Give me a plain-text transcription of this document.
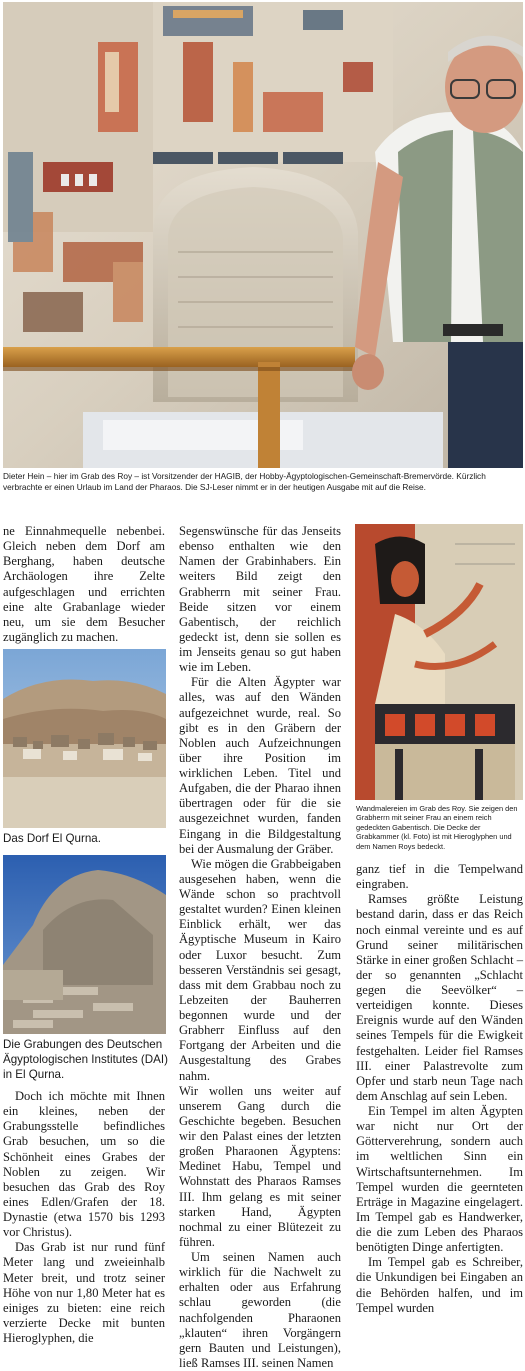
Dieter Hein – hier im Grab des Roy – ist Vorsitzender der HAGIB, der Hobby-Ägyptologischen-Gemeinschaft-Bremervörde. Kürzlich verbrachte er einen Urlaub im Land der Pharaos. Die SJ-Leser nimmt er in der heutigen Ausgabe mit auf die Reise.

ne Einnahmequelle nebenbei. Gleich neben dem Dorf am Berghang, haben deutsche Archäologen ihre Zelte aufgeschlagen und errichten eine alte Grabanlage wieder neu, um sie dem Besucher zugänglich zu machen.

Das Dorf El Qurna.
Die Grabungen des Deutschen Ägyptologischen Institutes (DAI) in El Qurna.

Doch ich möchte mit Ihnen ein kleines, neben der Grabungsstelle befindliches Grab besuchen, um so die Schönheit eines Grabes der Noblen zu zeigen. Wir besuchen das Grab des Roy eines Edlen/Grafen der 18. Dynastie (etwa 1570 bis 1293 vor Christus).

Das Grab ist nur rund fünf Meter lang und zweieinhalb Meter breit, und trotz seiner Höhe von nur 1,80 Meter hat es einiges zu bieten: eine reich verzierte Decke mit bunten Hieroglyphen, die

Segenswünsche für das Jenseits ebenso enthalten wie den Namen der Grabinhabers. Ein weiters Bild zeigt den Grabherrn mit seiner Frau. Beide sitzen vor einem Gabentisch, der reichlich gedeckt ist, denn sie sollen es im Jenseits genau so gut haben wie im Leben.

Für die Alten Ägypter war alles, was auf den Wänden aufgezeichnet wurde, real. So gibt es in den Gräbern der Noblen auch Aufzeichnungen über ihre Position im wirklichen Leben. Titel und Aufgaben, die der Pharao ihnen übertragen oder für die sie ausgezeichnet wurden, fanden Eingang in die Bildgestaltung bei der Ausmalung der Gräber.

Wie mögen die Grabbeigaben ausgesehen haben, wenn die Wände schon so prachtvoll gestaltet wurden? Einen kleinen Einblick erhält, wer das Ägyptische Museum in Kairo oder Luxor besucht. Zum besseren Verständnis sei gesagt, dass mit dem Grabbau noch zu Lebzeiten der Bauherren begonnen wurde und der Grabherr Einfluss auf den Fortgang der Arbeiten und die Ausgestaltung des Grabes nahm.

Wir wollen uns weiter auf unserem Gang durch die Geschichte begeben. Besuchen wir den Palast eines der letzten großen Pharaonen Ägyptens: Medinet Habu, Tempel und Wohnstatt des Pharaos Ramses III. Ihm gelang es mit seiner starken Hand, Ägypten nochmal zu einer Blütezeit zu führen.

Um seinen Namen auch wirklich für die Nachwelt zu erhalten oder aus Erfahrung schlau geworden (die nachfolgenden Pharaonen „klauten“ ihren Vorgängern gern Bauten und Leistungen), ließ Ramses III. seinen Namen

Wandmalereien im Grab des Roy. Sie zeigen den Grabherrn mit seiner Frau an einem reich gedeckten Gabentisch. Die Decke der Grabkammer (kl. Foto) ist mit Hieroglyphen und dem Namen Roys bedeckt.

ganz tief in die Tempelwand eingraben.

Ramses größte Leistung bestand darin, dass er das Reich noch einmal vereinte und es auf Grund seiner militärischen Stärke in einer großen Schlacht – der so genannten „Schlacht gegen die Seevölker“ – verteidigen konnte. Dieses Ereignis wurde auf den Wänden seines Tempels für die Ewigkeit festgehalten. Leider fiel Ramses III. einer Palastrevolte zum Opfer und starb neun Tage nach dem Anschlag auf sein Leben.

Ein Tempel im alten Ägypten war nicht nur Ort der Götterverehrung, sondern auch im weltlichen Sinn ein Wirtschaftsunternehmen. Im Tempel wurden die geernteten Erträge in Magazine eingelagert. Im Tempel gab es Handwerker, die die zum Leben des Pharaos benötigten Dinge anfertigten.

Im Tempel gab es Schreiber, die Unkundigen bei Eingaben an die Behörden halfen, und im Tempel wurden
